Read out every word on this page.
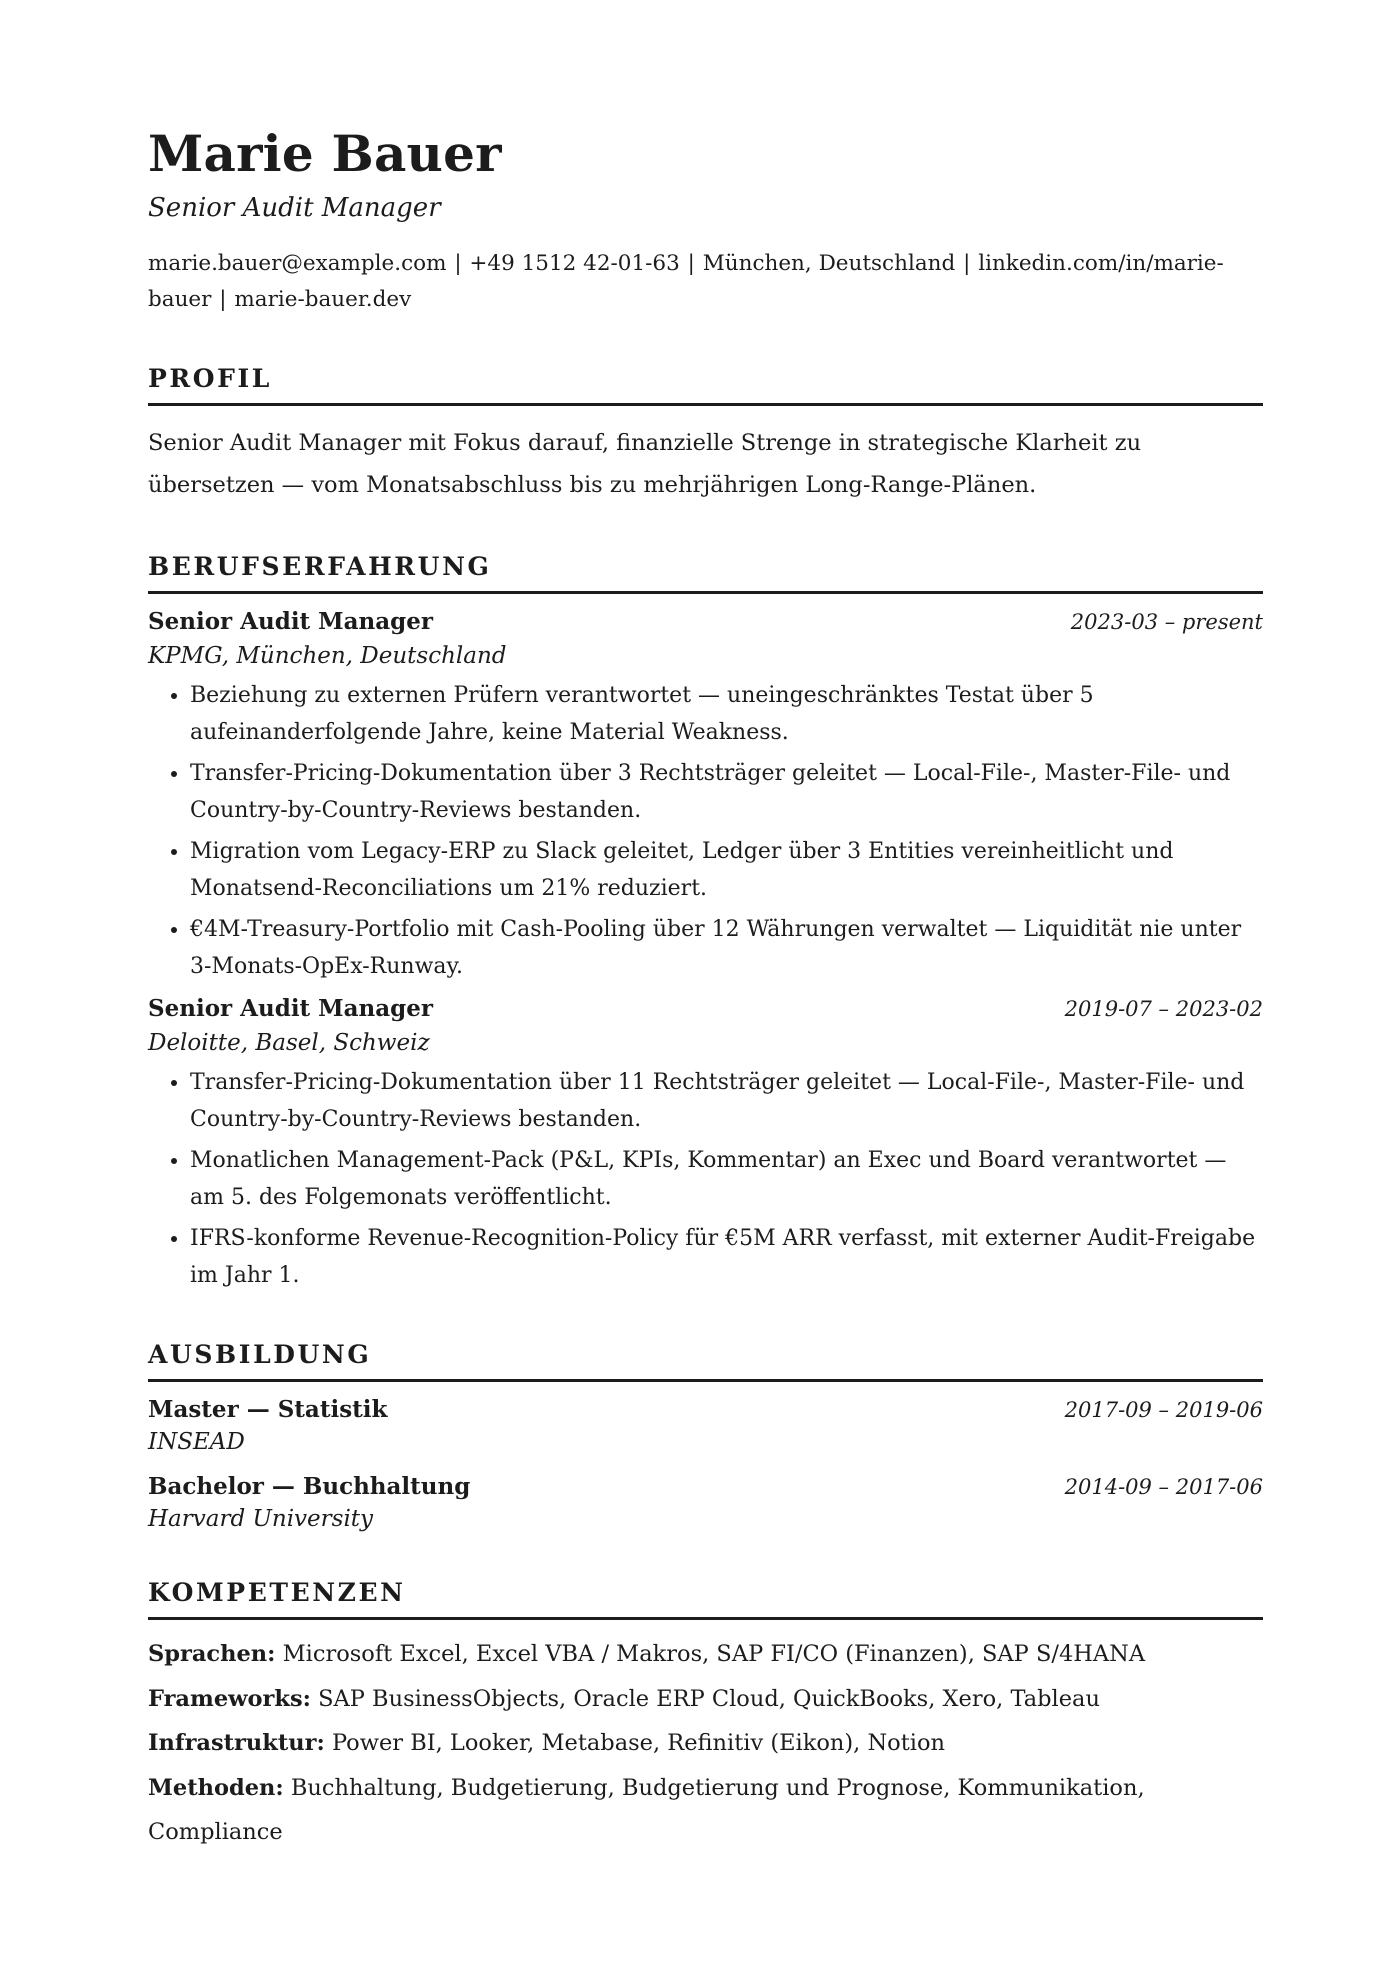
Marie Bauer
Senior Audit Manager
marie.bauer@example.com | +49 1512 42-01-63 | München, Deutschland | linkedin.com/in/marie-bauer | marie-bauer.dev
PROFIL
Senior Audit Manager mit Fokus darauf, finanzielle Strenge in strategische Klarheit zu übersetzen — vom Monatsabschluss bis zu mehrjährigen Long-Range-Plänen.
BERUFSERFAHRUNG
Senior Audit Manager	2023-03 – present
KPMG, München, Deutschland
• Beziehung zu externen Prüfern verantwortet — uneingeschränktes Testat über 5 aufeinanderfolgende Jahre, keine Material Weakness.
• Transfer-Pricing-Dokumentation über 3 Rechtsträger geleitet — Local-File-, Master-File- und Country-by-Country-Reviews bestanden.
• Migration vom Legacy-ERP zu Slack geleitet, Ledger über 3 Entities vereinheitlicht und Monatsend-Reconciliations um 21% reduziert.
• €4M-Treasury-Portfolio mit Cash-Pooling über 12 Währungen verwaltet — Liquidität nie unter 3-Monats-OpEx-Runway.
Senior Audit Manager	2019-07 – 2023-02
Deloitte, Basel, Schweiz
• Transfer-Pricing-Dokumentation über 11 Rechtsträger geleitet — Local-File-, Master-File- und Country-by-Country-Reviews bestanden.
• Monatlichen Management-Pack (P&L, KPIs, Kommentar) an Exec und Board verantwortet — am 5. des Folgemonats veröffentlicht.
• IFRS-konforme Revenue-Recognition-Policy für €5M ARR verfasst, mit externer Audit-Freigabe im Jahr 1.
AUSBILDUNG
Master — Statistik	2017-09 – 2019-06
INSEAD
Bachelor — Buchhaltung	2014-09 – 2017-06
Harvard University
KOMPETENZEN
Sprachen: Microsoft Excel, Excel VBA / Makros, SAP FI/CO (Finanzen), SAP S/4HANA
Frameworks: SAP BusinessObjects, Oracle ERP Cloud, QuickBooks, Xero, Tableau
Infrastruktur: Power BI, Looker, Metabase, Refinitiv (Eikon), Notion
Methoden: Buchhaltung, Budgetierung, Budgetierung und Prognose, Kommunikation, Compliance
